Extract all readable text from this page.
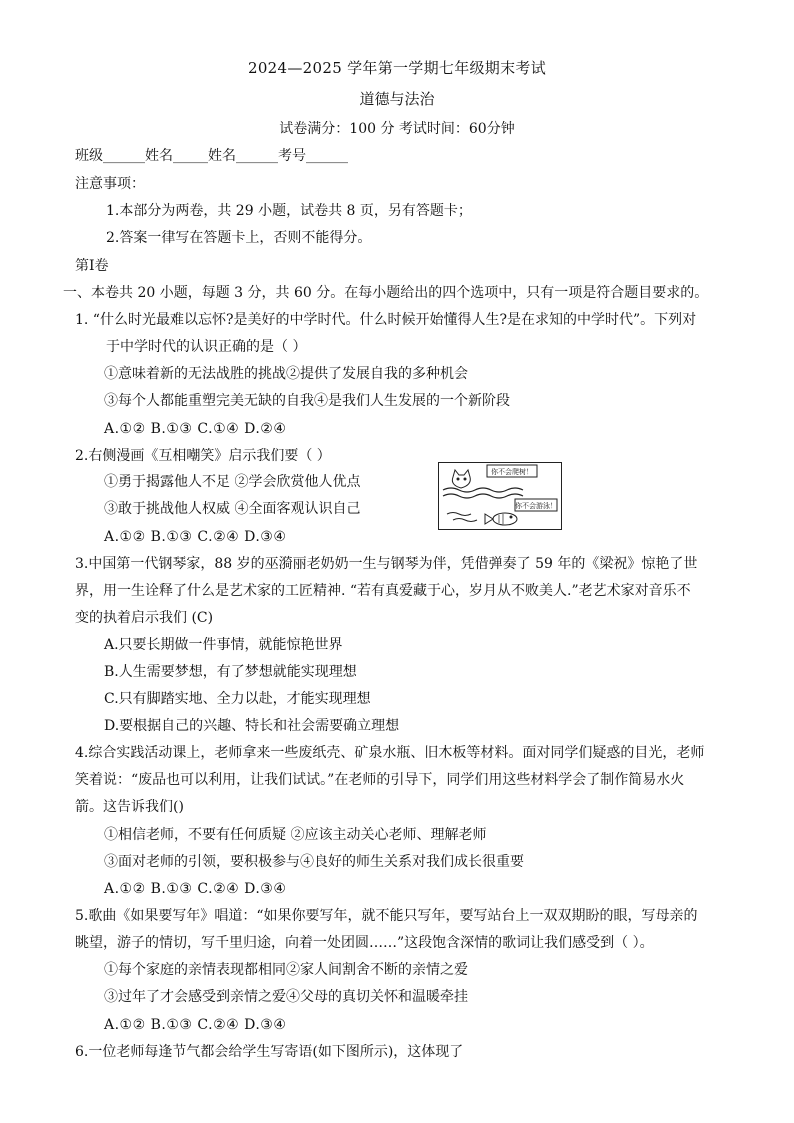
2024—2025 学年第一学期七年级期末考试
道德与法治
试卷满分：100 分 考试时间：60分钟
班级______姓名_____姓名______考号______
注意事项：
1.本部分为两卷，共 29 小题，试卷共 8 页，另有答题卡；
2.答案一律写在答题卡上，否则不能得分。
第Ⅰ卷
一、本卷共 20 小题，每题 3 分，共 60 分。在每小题给出的四个选项中，只有一项是符合题目要求的。
1. “什么时光最难以忘怀?是美好的中学时代。什么时候开始懂得人生?是在求知的中学时代”。下列对
于中学时代的认识正确的是（ ）
①意味着新的无法战胜的挑战②提供了发展自我的多种机会
③每个人都能重塑完美无缺的自我④是我们人生发展的一个新阶段
A.①② B.①③ C.①④ D.②④
2.右侧漫画《互相嘲笑》启示我们要（ ）
①勇于揭露他人不足 ②学会欣赏他人优点
③敢于挑战他人权威 ④全面客观认识自己
A.①② B.①③ C.②④ D.③④
你不会爬树！
你不会游泳！
3.中国第一代钢琴家，88 岁的巫漪丽老奶奶一生与钢琴为伴，凭借弹奏了 59 年的《梁祝》惊艳了世
界，用一生诠释了什么是艺术家的工匠精神. “若有真爱藏于心，岁月从不败美人.”老艺术家对音乐不
变的执着启示我们 (C)
A.只要长期做一件事情，就能惊艳世界
B.人生需要梦想，有了梦想就能实现理想
C.只有脚踏实地、全力以赴，才能实现理想
D.要根据自己的兴趣、特长和社会需要确立理想
4.综合实践活动课上，老师拿来一些废纸壳、矿泉水瓶、旧木板等材料。面对同学们疑惑的目光，老师
笑着说：“废品也可以利用，让我们试试。”在老师的引导下，同学们用这些材料学会了制作简易水火
箭。这告诉我们()
①相信老师，不要有任何质疑 ②应该主动关心老师、理解老师
③面对老师的引领，要积极参与④良好的师生关系对我们成长很重要
A.①② B.①③ C.②④ D.③④
5.歌曲《如果要写年》唱道：“如果你要写年，就不能只写年，要写站台上一双双期盼的眼，写母亲的
眺望，游子的情切，写千里归途，向着一处团圆……”这段饱含深情的歌词让我们感受到（ ）。
①每个家庭的亲情表现都相同②家人间割舍不断的亲情之爱
③过年了才会感受到亲情之爱④父母的真切关怀和温暖牵挂
A.①② B.①③ C.②④ D.③④
6.一位老师每逢节气都会给学生写寄语(如下图所示)，这体现了
